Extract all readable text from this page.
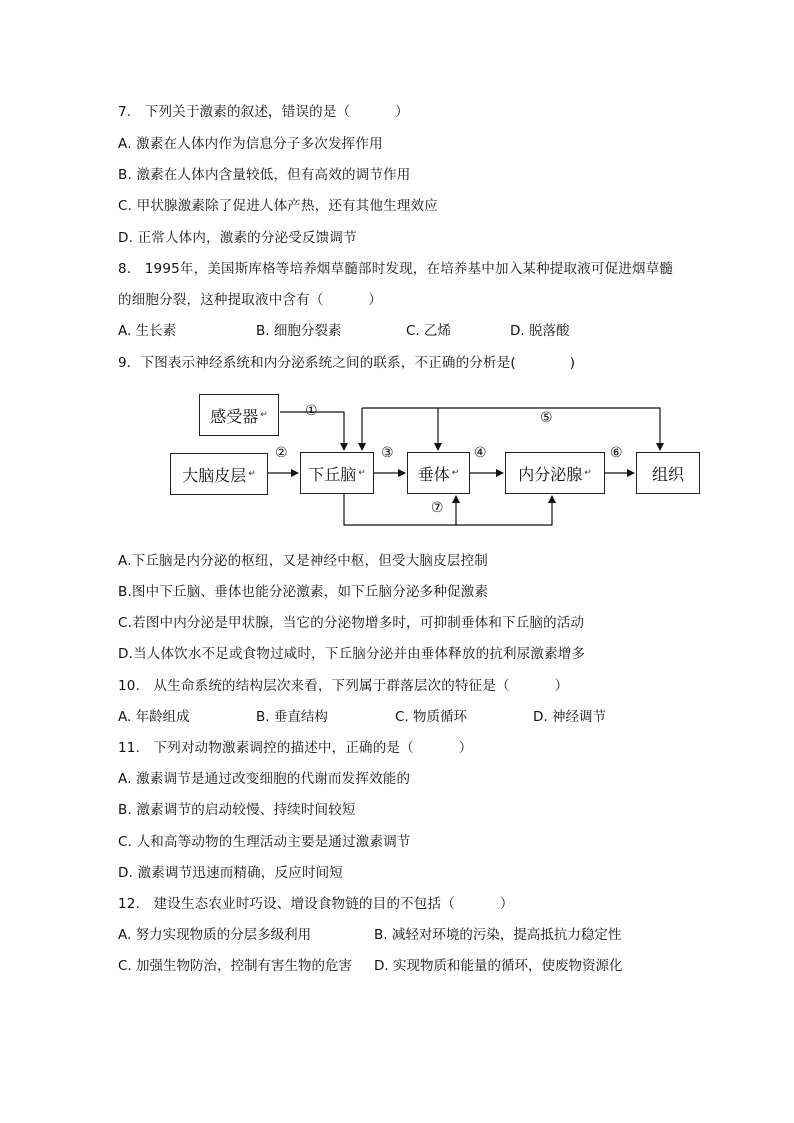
7.   下列关于激素的叙述，错误的是（          ）
A. 激素在人体内作为信息分子多次发挥作用
B. 激素在人体内含量较低，但有高效的调节作用
C. 甲状腺激素除了促进人体产热，还有其他生理效应
D. 正常人体内，激素的分泌受反馈调节
8.   1995年，美国斯库格等培养烟草髓部时发现，在培养基中加入某种提取液可促进烟草髓
的细胞分裂，这种提取液中含有（          ）
A. 生长素	B. 细胞分裂素	C. 乙烯	D. 脱落酸
9．下图表示神经系统和内分泌系统之间的联系，不正确的分析是(            )
感受器 ↵
大脑皮层 ↵	下丘脑 ↵	垂体 ↵	内分泌腺 ↵	组织
①
②	③	④
⑤
⑥
⑦
A.下丘脑是内分泌的枢纽，又是神经中枢，但受大脑皮层控制
B.图中下丘脑、垂体也能分泌激素，如下丘脑分泌多种促激素
C.若图中内分泌是甲状腺，当它的分泌物增多时，可抑制垂体和下丘脑的活动
D.当人体饮水不足或食物过咸时，下丘脑分泌并由垂体释放的抗利尿激素增多
10.   从生命系统的结构层次来看，下列属于群落层次的特征是（          ）
A. 年龄组成	B. 垂直结构	C. 物质循环	D. 神经调节
11.   下列对动物激素调控的描述中，正确的是（          ）
A. 激素调节是通过改变细胞的代谢而发挥效能的
B. 激素调节的启动较慢、持续时间较短
C. 人和高等动物的生理活动主要是通过激素调节
D. 激素调节迅速而精确，反应时间短
12.   建设生态农业时巧设、增设食物链的目的不包括（          ）
A. 努力实现物质的分层多级利用	B. 减轻对环境的污染，提高抵抗力稳定性
C. 加强生物防治，控制有害生物的危害 D. 实现物质和能量的循环，使废物资源化
